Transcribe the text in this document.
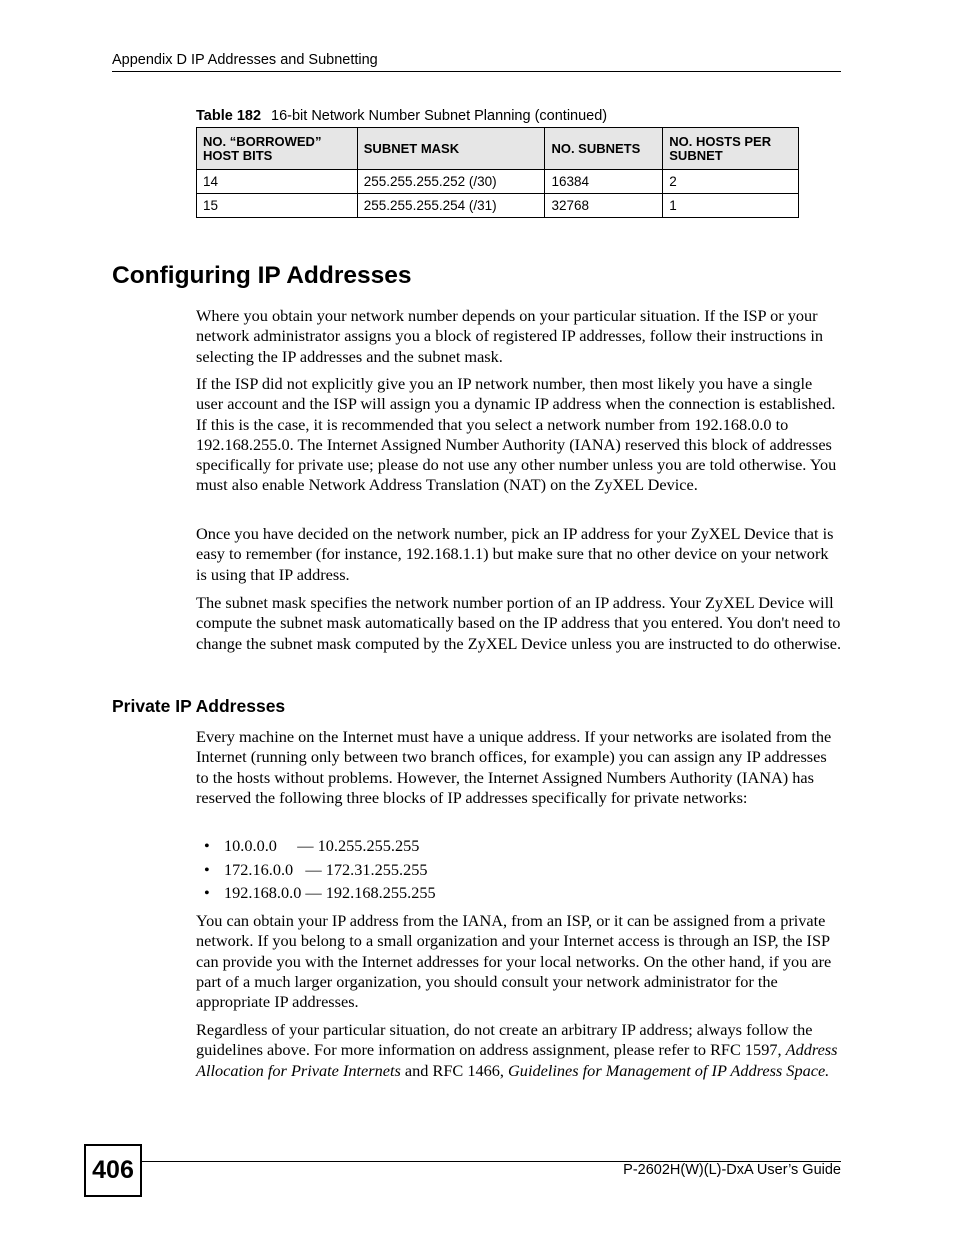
Appendix D IP Addresses and Subnetting
Table 182 16-bit Network Number Subnet Planning (continued)
NO. “BORROWED” HOST BITS	SUBNET MASK	NO. SUBNETS	NO. HOSTS PER SUBNET
14	255.255.255.252 (/30)	16384	2
15	255.255.255.254 (/31)	32768	1
Configuring IP Addresses

Where you obtain your network number depends on your particular situation. If the ISP or your network administrator assigns you a block of registered IP addresses, follow their instructions in selecting the IP addresses and the subnet mask.

If the ISP did not explicitly give you an IP network number, then most likely you have a single user account and the ISP will assign you a dynamic IP address when the connection is established. If this is the case, it is recommended that you select a network number from 192.168.0.0 to 192.168.255.0. The Internet Assigned Number Authority (IANA) reserved this block of addresses specifically for private use; please do not use any other number unless you are told otherwise. You must also enable Network Address Translation (NAT) on the ZyXEL Device.

Once you have decided on the network number, pick an IP address for your ZyXEL Device that is easy to remember (for instance, 192.168.1.1) but make sure that no other device on your network is using that IP address.

The subnet mask specifies the network number portion of an IP address. Your ZyXEL Device will compute the subnet mask automatically based on the IP address that you entered. You don't need to change the subnet mask computed by the ZyXEL Device unless you are instructed to do otherwise.

Private IP Addresses

Every machine on the Internet must have a unique address. If your networks are isolated from the Internet (running only between two branch offices, for example) you can assign any IP addresses to the hosts without problems. However, the Internet Assigned Numbers Authority (IANA) has reserved the following three blocks of IP addresses specifically for private networks:

• 10.0.0.0     — 10.255.255.255
• 172.16.0.0   — 172.31.255.255
• 192.168.0.0 — 192.168.255.255

You can obtain your IP address from the IANA, from an ISP, or it can be assigned from a private network. If you belong to a small organization and your Internet access is through an ISP, the ISP can provide you with the Internet addresses for your local networks. On the other hand, if you are part of a much larger organization, you should consult your network administrator for the appropriate IP addresses.

Regardless of your particular situation, do not create an arbitrary IP address; always follow the guidelines above. For more information on address assignment, please refer to RFC 1597, Address Allocation for Private Internets and RFC 1466, Guidelines for Management of IP Address Space.

406	P-2602H(W)(L)-DxA User’s Guide
